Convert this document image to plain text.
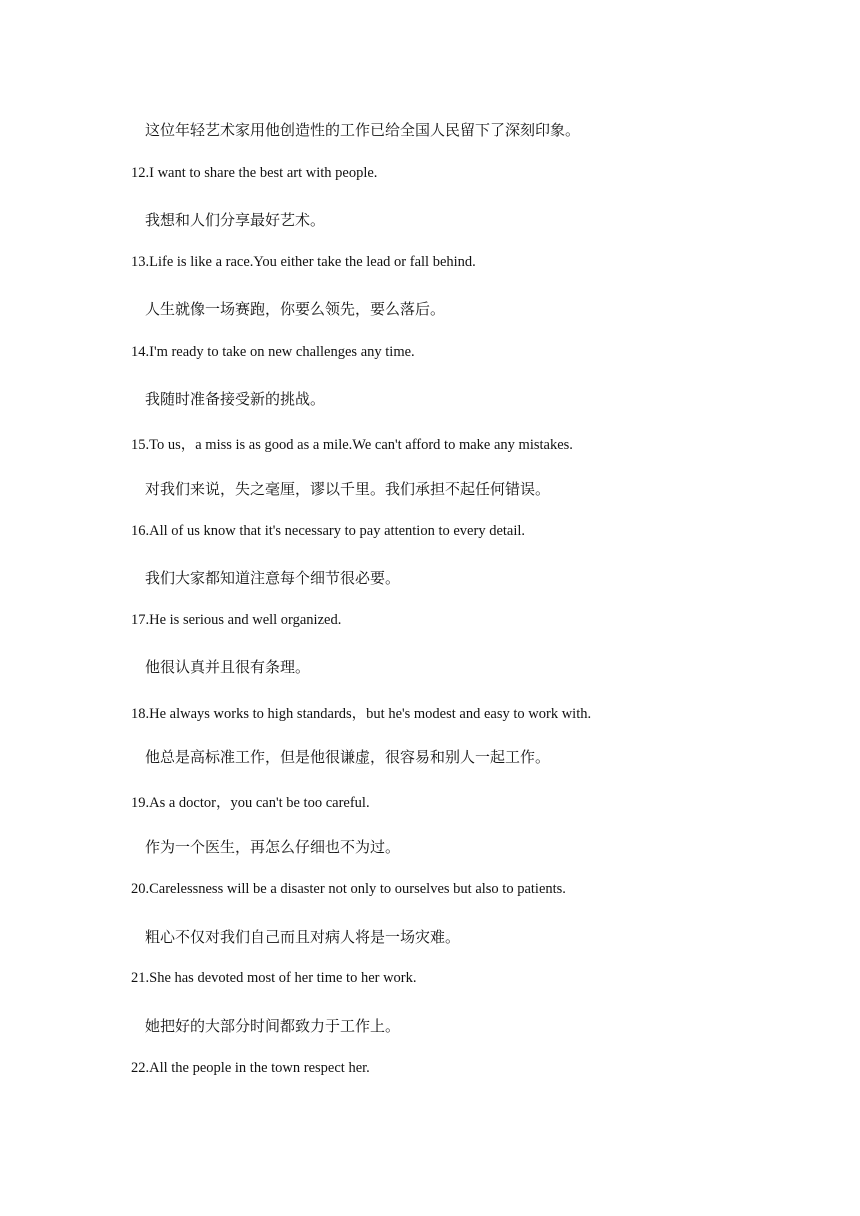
这位年轻艺术家用他创造性的工作已给全国人民留下了深刻印象。
12.I want to share the best art with people.
我想和人们分享最好艺术。
13.Life is like a race.You either take the lead or fall behind.
人生就像一场赛跑，你要么领先，要么落后。
14.I'm ready to take on new challenges any time.
我随时准备接受新的挑战。
15.To us，a miss is as good as a mile.We can't afford to make any mistakes.
对我们来说，失之毫厘，谬以千里。我们承担不起任何错误。
16.All of us know that it's necessary to pay attention to every detail.
我们大家都知道注意每个细节很必要。
17.He is serious and well organized.
他很认真并且很有条理。
18.He always works to high standards，but he's modest and easy to work with.
他总是高标准工作，但是他很谦虚，很容易和别人一起工作。
19.As a doctor，you can't be too careful.
作为一个医生，再怎么仔细也不为过。
20.Carelessness will be a disaster not only to ourselves but also to patients.
粗心不仅对我们自己而且对病人将是一场灾难。
21.She has devoted most of her time to her work.
她把好的大部分时间都致力于工作上。
22.All the people in the town respect her.
